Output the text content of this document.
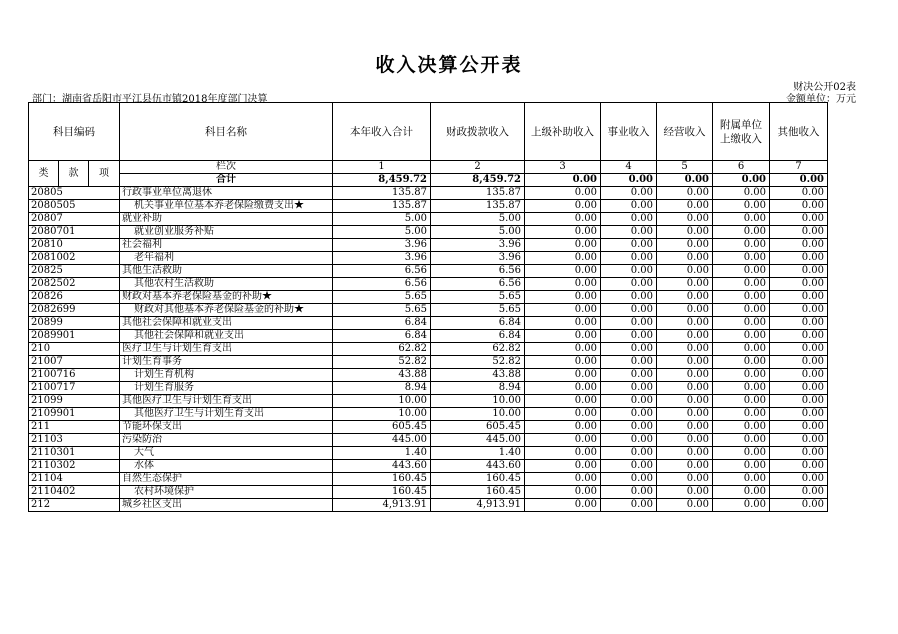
收入决算公开表
财决公开02表
部门：湖南省岳阳市平江县伍市镇2018年度部门决算	金额单位：万元
科目编码			科目名称	本年收入合计	财政拨款收入	上级补助收入	事业收入	经营收入	附属单位上缴收入	其他收入
类	款	项	栏次	1	2	3	4	5	6	7
			合计	8,459.72	8,459.72	0.00	0.00	0.00	0.00	0.00
20805			行政事业单位离退休	135.87	135.87	0.00	0.00	0.00	0.00	0.00
2080505			机关事业单位基本养老保险缴费支出★	135.87	135.87	0.00	0.00	0.00	0.00	0.00
20807			就业补助	5.00	5.00	0.00	0.00	0.00	0.00	0.00
2080701			就业创业服务补贴	5.00	5.00	0.00	0.00	0.00	0.00	0.00
20810			社会福利	3.96	3.96	0.00	0.00	0.00	0.00	0.00
2081002			老年福利	3.96	3.96	0.00	0.00	0.00	0.00	0.00
20825			其他生活救助	6.56	6.56	0.00	0.00	0.00	0.00	0.00
2082502			其他农村生活救助	6.56	6.56	0.00	0.00	0.00	0.00	0.00
20826			财政对基本养老保险基金的补助★	5.65	5.65	0.00	0.00	0.00	0.00	0.00
2082699			财政对其他基本养老保险基金的补助★	5.65	5.65	0.00	0.00	0.00	0.00	0.00
20899			其他社会保障和就业支出	6.84	6.84	0.00	0.00	0.00	0.00	0.00
2089901			其他社会保障和就业支出	6.84	6.84	0.00	0.00	0.00	0.00	0.00
210			医疗卫生与计划生育支出	62.82	62.82	0.00	0.00	0.00	0.00	0.00
21007			计划生育事务	52.82	52.82	0.00	0.00	0.00	0.00	0.00
2100716			计划生育机构	43.88	43.88	0.00	0.00	0.00	0.00	0.00
2100717			计划生育服务	8.94	8.94	0.00	0.00	0.00	0.00	0.00
21099			其他医疗卫生与计划生育支出	10.00	10.00	0.00	0.00	0.00	0.00	0.00
2109901			其他医疗卫生与计划生育支出	10.00	10.00	0.00	0.00	0.00	0.00	0.00
211			节能环保支出	605.45	605.45	0.00	0.00	0.00	0.00	0.00
21103			污染防治	445.00	445.00	0.00	0.00	0.00	0.00	0.00
2110301			大气	1.40	1.40	0.00	0.00	0.00	0.00	0.00
2110302			水体	443.60	443.60	0.00	0.00	0.00	0.00	0.00
21104			自然生态保护	160.45	160.45	0.00	0.00	0.00	0.00	0.00
2110402			农村环境保护	160.45	160.45	0.00	0.00	0.00	0.00	0.00
212			城乡社区支出	4,913.91	4,913.91	0.00	0.00	0.00	0.00	0.00
